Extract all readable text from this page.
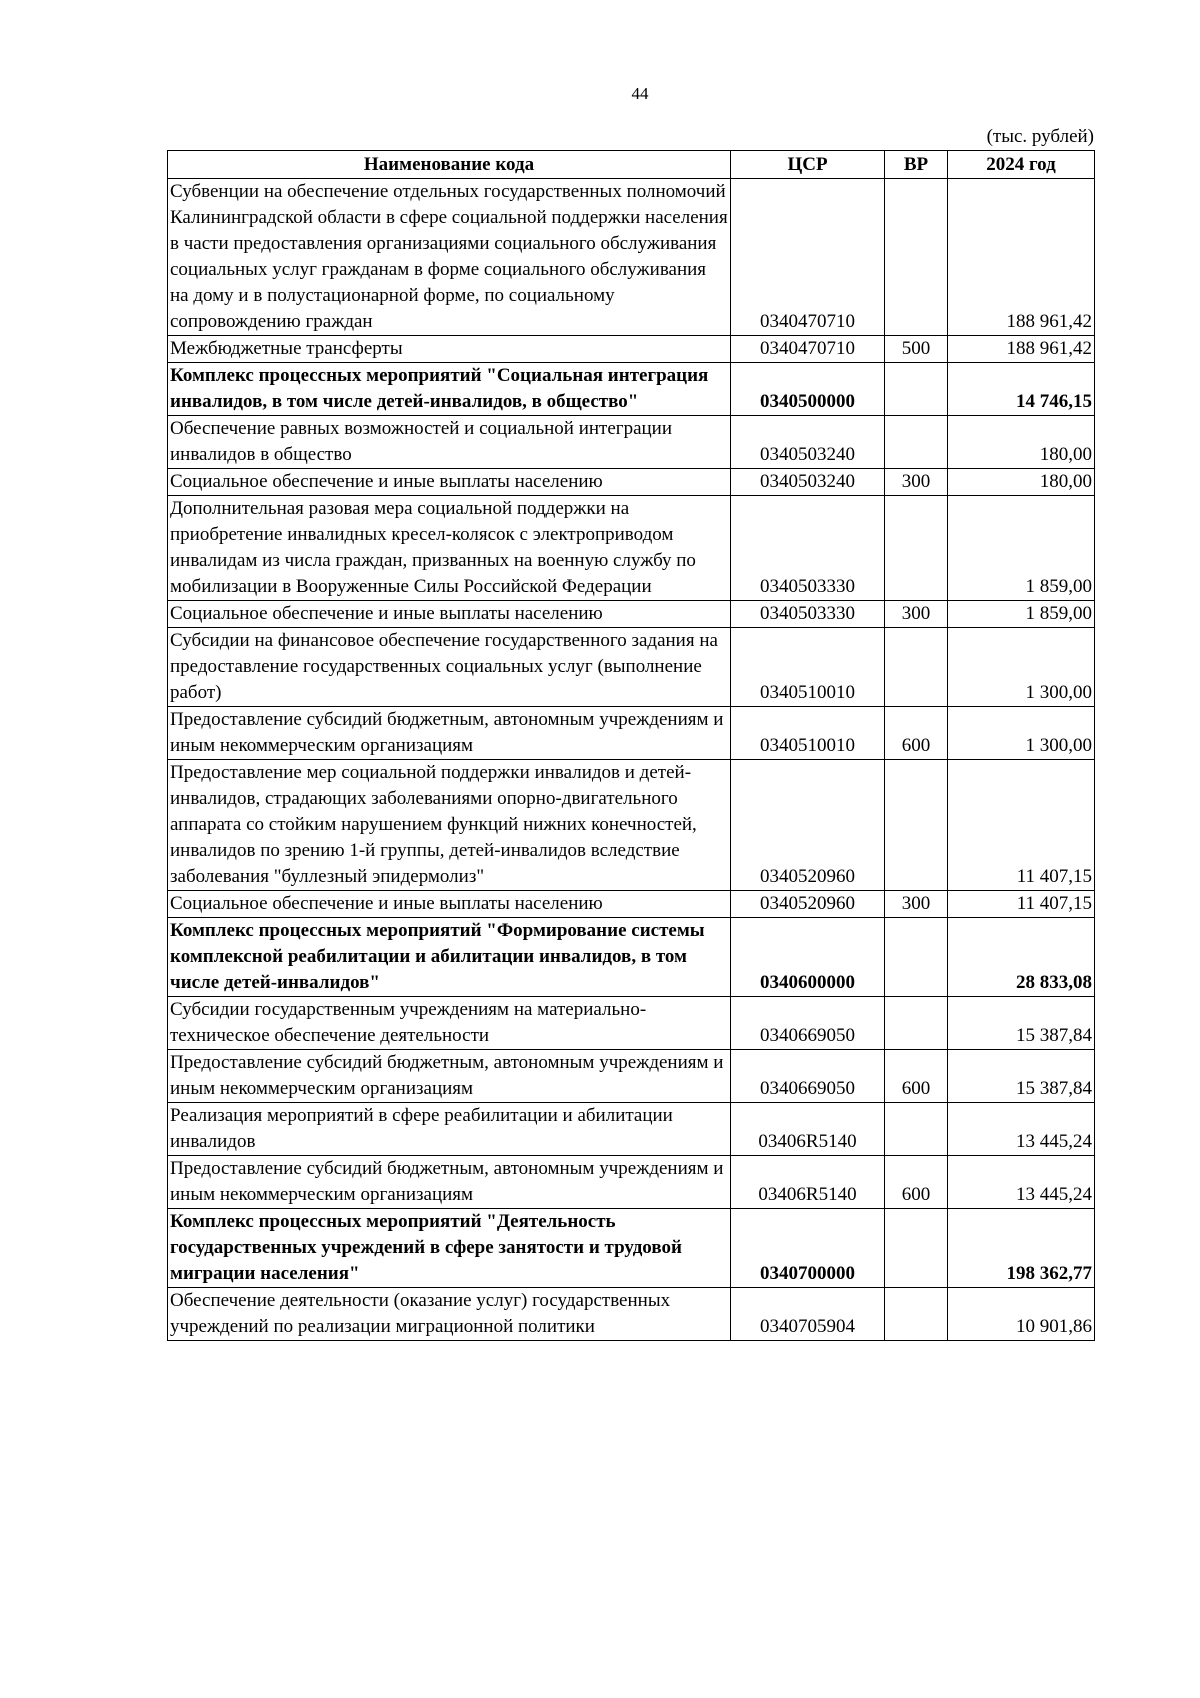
44
(тыс. рублей)
Наименование кода	ЦСР	ВР	2024 год
Субвенции на обеспечение отдельных государственных полномочий Калининградской области в сфере социальной поддержки населения в части предоставления организациями социального обслуживания социальных услуг гражданам в форме социального обслуживания на дому и в полустационарной форме, по социальному сопровождению граждан	0340470710		188 961,42
Межбюджетные трансферты	0340470710	500	188 961,42
Комплекс процессных мероприятий "Социальная интеграция инвалидов, в том числе детей-инвалидов, в общество"	0340500000		14 746,15
Обеспечение равных возможностей и социальной интеграции инвалидов в общество	0340503240		180,00
Социальное обеспечение и иные выплаты населению	0340503240	300	180,00
Дополнительная разовая мера социальной поддержки на приобретение инвалидных кресел-колясок с электроприводом инвалидам из числа граждан, призванных на военную службу по мобилизации в Вооруженные Силы Российской Федерации	0340503330		1 859,00
Социальное обеспечение и иные выплаты населению	0340503330	300	1 859,00
Субсидии на финансовое обеспечение государственного задания на предоставление государственных социальных услуг (выполнение работ)	0340510010		1 300,00
Предоставление субсидий бюджетным, автономным учреждениям и иным некоммерческим организациям	0340510010	600	1 300,00
Предоставление мер социальной поддержки инвалидов и детей-инвалидов, страдающих заболеваниями опорно-двигательного аппарата со стойким нарушением функций нижних конечностей, инвалидов по зрению 1-й группы, детей-инвалидов вследствие заболевания "буллезный эпидермолиз"	0340520960		11 407,15
Социальное обеспечение и иные выплаты населению	0340520960	300	11 407,15
Комплекс процессных мероприятий "Формирование системы комплексной реабилитации и абилитации инвалидов, в том числе детей-инвалидов"	0340600000		28 833,08
Субсидии государственным учреждениям на материально-техническое обеспечение деятельности	0340669050		15 387,84
Предоставление субсидий бюджетным, автономным учреждениям и иным некоммерческим организациям	0340669050	600	15 387,84
Реализация мероприятий в сфере реабилитации и абилитации инвалидов	03406R5140		13 445,24
Предоставление субсидий бюджетным, автономным учреждениям и иным некоммерческим организациям	03406R5140	600	13 445,24
Комплекс процессных мероприятий "Деятельность государственных учреждений в сфере занятости и трудовой миграции населения"	0340700000		198 362,77
Обеспечение деятельности (оказание услуг) государственных учреждений по реализации миграционной политики	0340705904		10 901,86
